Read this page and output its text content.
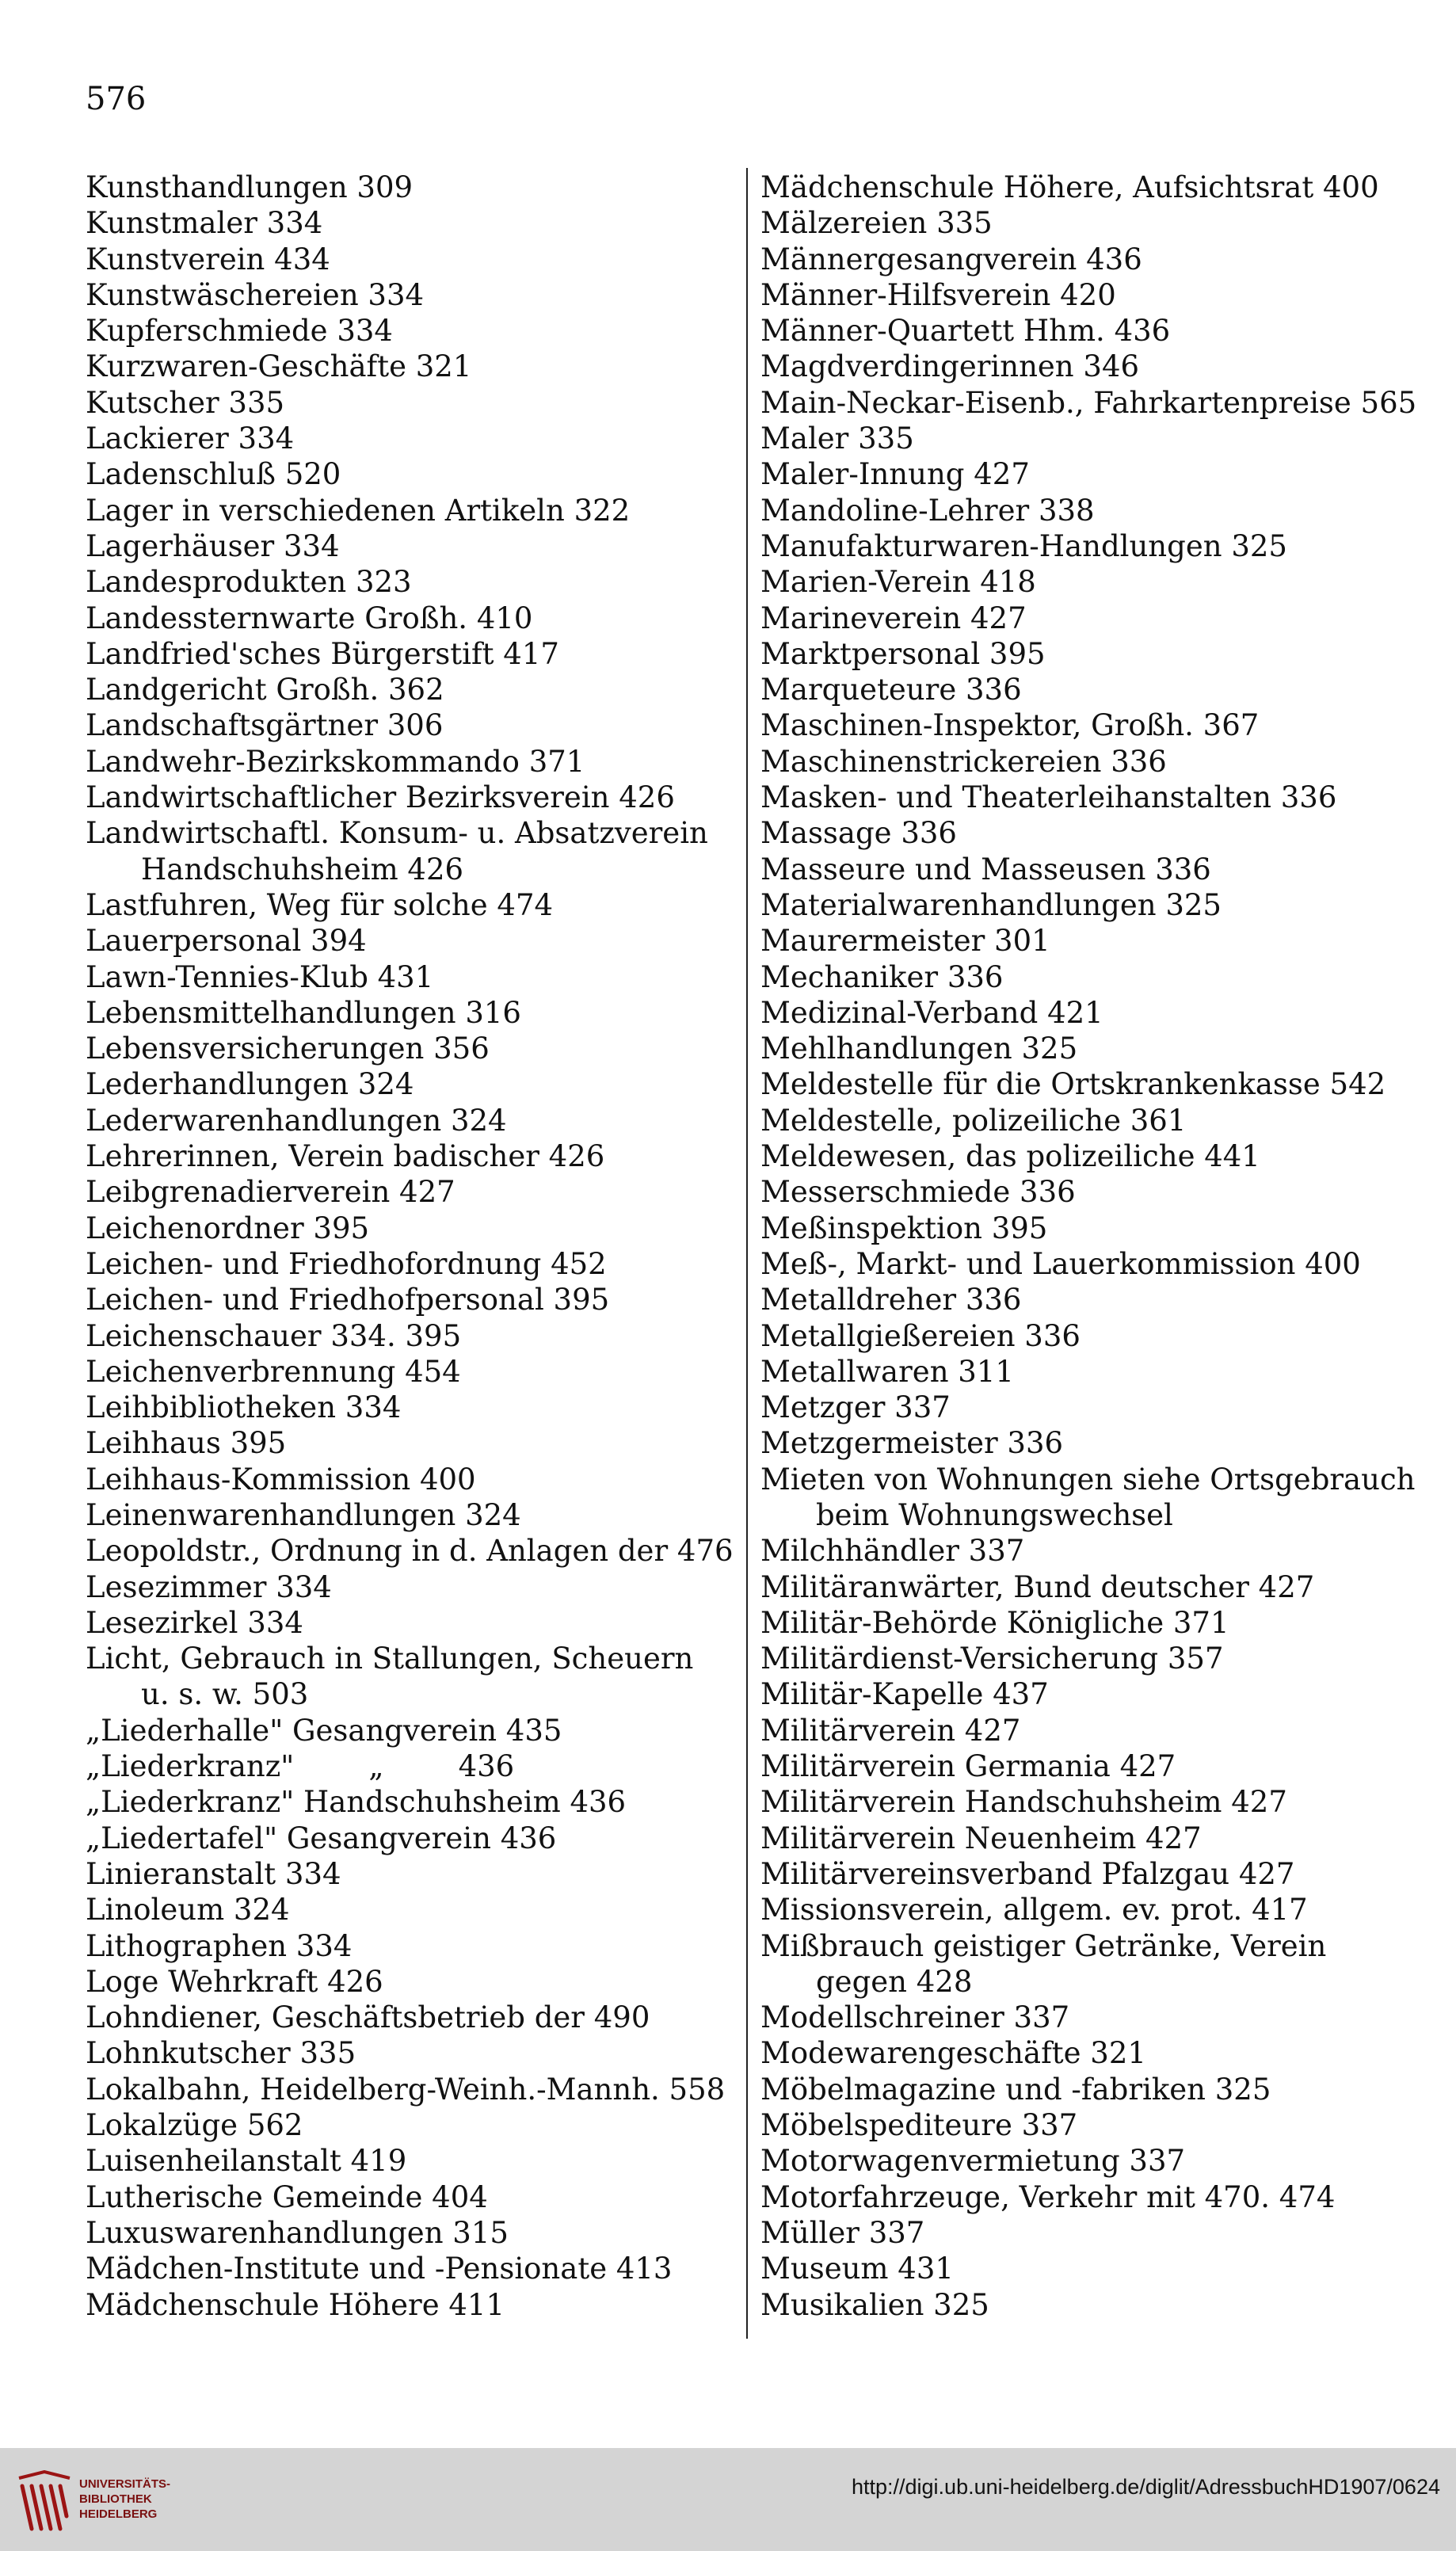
576
Kunsthandlungen 309
Kunstmaler 334
Kunstverein 434
Kunstwäschereien 334
Kupferschmiede 334
Kurzwaren-Geschäfte 321
Kutscher 335
Lackierer 334
Ladenschluß 520
Lager in verschiedenen Artikeln 322
Lagerhäuser 334
Landesprodukten 323
Landessternwarte Großh. 410
Landfried'sches Bürgerstift 417
Landgericht Großh. 362
Landschaftsgärtner 306
Landwehr-Bezirkskommando 371
Landwirtschaftlicher Bezirksverein 426
Landwirtschaftl. Konsum- u. Absatzverein
Handschuhsheim 426
Lastfuhren, Weg für solche 474
Lauerpersonal 394
Lawn-Tennies-Klub 431
Lebensmittelhandlungen 316
Lebensversicherungen 356
Lederhandlungen 324
Lederwarenhandlungen 324
Lehrerinnen, Verein badischer 426
Leibgrenadierverein 427
Leichenordner 395
Leichen- und Friedhofordnung 452
Leichen- und Friedhofpersonal 395
Leichenschauer 334. 395
Leichenverbrennung 454
Leihbibliotheken 334
Leihhaus 395
Leihhaus-Kommission 400
Leinenwarenhandlungen 324
Leopoldstr., Ordnung in d. Anlagen der 476
Lesezimmer 334
Lesezirkel 334
Licht, Gebrauch in Stallungen, Scheuern
u. s. w. 503
„Liederhalle" Gesangverein 435
„Liederkranz"        „        436
„Liederkranz" Handschuhsheim 436
„Liedertafel" Gesangverein 436
Linieranstalt 334
Linoleum 324
Lithographen 334
Loge Wehrkraft 426
Lohndiener, Geschäftsbetrieb der 490
Lohnkutscher 335
Lokalbahn, Heidelberg-Weinh.-Mannh. 558
Lokalzüge 562
Luisenheilanstalt 419
Lutherische Gemeinde 404
Luxuswarenhandlungen 315
Mädchen-Institute und -Pensionate 413
Mädchenschule Höhere 411
Mädchenschule Höhere, Aufsichtsrat 400
Mälzereien 335
Männergesangverein 436
Männer-Hilfsverein 420
Männer-Quartett Hhm. 436
Magdverdingerinnen 346
Main-Neckar-Eisenb., Fahrkartenpreise 565
Maler 335
Maler-Innung 427
Mandoline-Lehrer 338
Manufakturwaren-Handlungen 325
Marien-Verein 418
Marineverein 427
Marktpersonal 395
Marqueteure 336
Maschinen-Inspektor, Großh. 367
Maschinenstrickereien 336
Masken- und Theaterleihanstalten 336
Massage 336
Masseure und Masseusen 336
Materialwarenhandlungen 325
Maurermeister 301
Mechaniker 336
Medizinal-Verband 421
Mehlhandlungen 325
Meldestelle für die Ortskrankenkasse 542
Meldestelle, polizeiliche 361
Meldewesen, das polizeiliche 441
Messerschmiede 336
Meßinspektion 395
Meß-, Markt- und Lauerkommission 400
Metalldreher 336
Metallgießereien 336
Metallwaren 311
Metzger 337
Metzgermeister 336
Mieten von Wohnungen siehe Ortsgebrauch
beim Wohnungswechsel
Milchhändler 337
Militäranwärter, Bund deutscher 427
Militär-Behörde Königliche 371
Militärdienst-Versicherung 357
Militär-Kapelle 437
Militärverein 427
Militärverein Germania 427
Militärverein Handschuhsheim 427
Militärverein Neuenheim 427
Militärvereinsverband Pfalzgau 427
Missionsverein, allgem. ev. prot. 417
Mißbrauch geistiger Getränke, Verein
gegen 428
Modellschreiner 337
Modewarengeschäfte 321
Möbelmagazine und -fabriken 325
Möbelspediteure 337
Motorwagenvermietung 337
Motorfahrzeuge, Verkehr mit 470. 474
Müller 337
Museum 431
Musikalien 325
UNIVERSITÄTS-
BIBLIOTHEK
HEIDELBERG
http://digi.ub.uni-heidelberg.de/diglit/AdressbuchHD1907/0624
